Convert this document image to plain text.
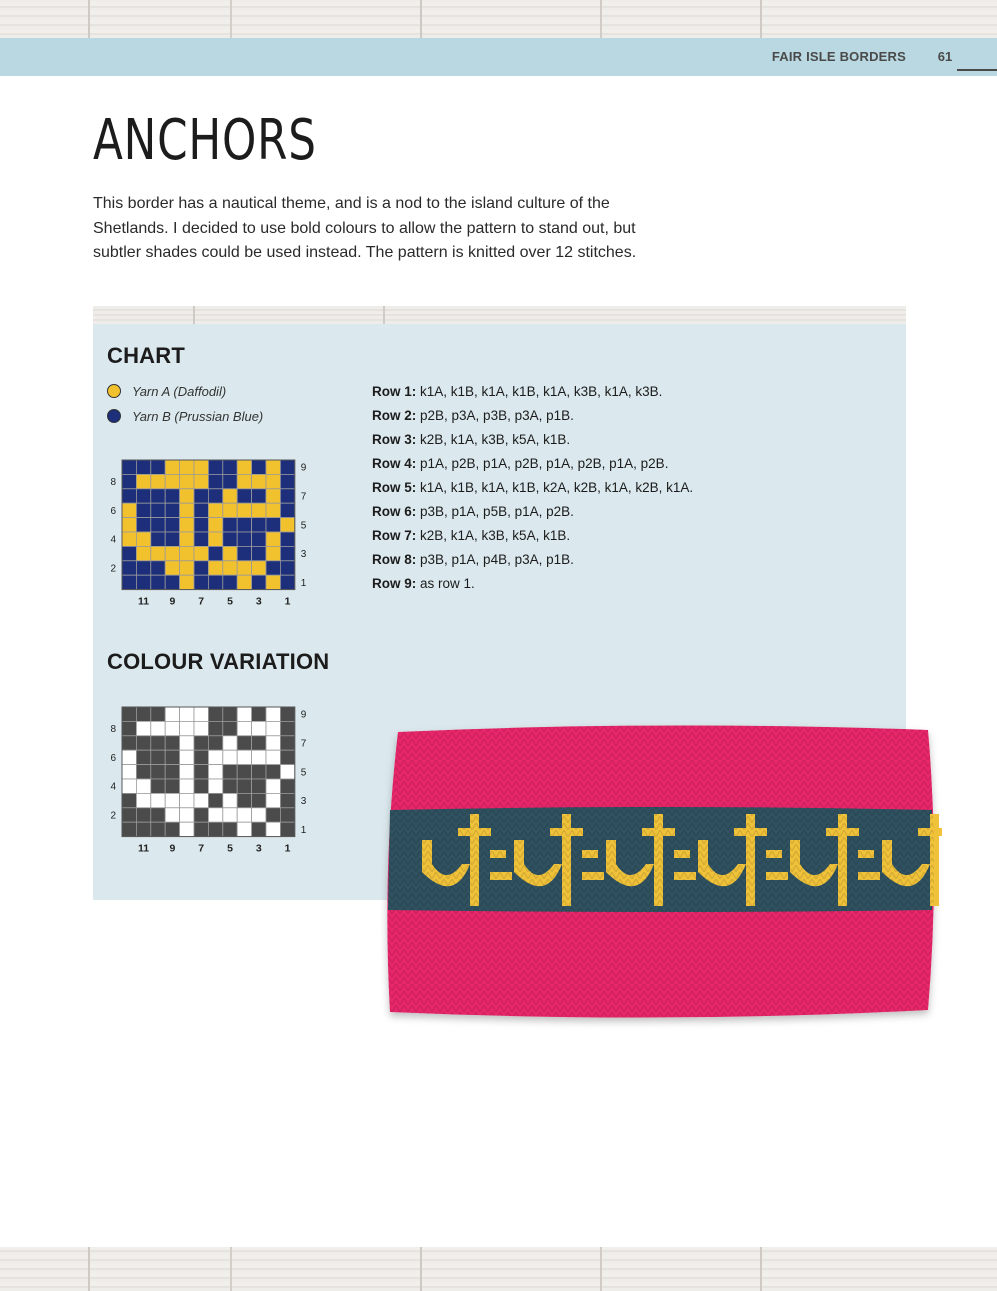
FAIR ISLE BORDERS	61
ANCHORS

This border has a nautical theme, and is a nod to the island culture of the Shetlands. I decided to use bold colours to allow the pattern to stand out, but subtler shades could be used instead. The pattern is knitted over 12 stitches.

CHART
Yarn A (Daffodil)
Yarn B (Prussian Blue)
9
7
5
3
1
8
6
4
2
11 9 7 5 3 1
Row 1: k1A, k1B, k1A, k1B, k1A, k3B, k1A, k3B.
Row 2: p2B, p3A, p3B, p3A, p1B.
Row 3: k2B, k1A, k3B, k5A, k1B.
Row 4: p1A, p2B, p1A, p2B, p1A, p2B, p1A, p2B.
Row 5: k1A, k1B, k1A, k1B, k2A, k2B, k1A, k2B, k1A.
Row 6: p3B, p1A, p5B, p1A, p2B.
Row 7: k2B, k1A, k3B, k5A, k1B.
Row 8: p3B, p1A, p4B, p3A, p1B.
Row 9: as row 1.
COLOUR VARIATION
9
7
5
3
1
8
6
4
2
11 9 7 5 3 1
